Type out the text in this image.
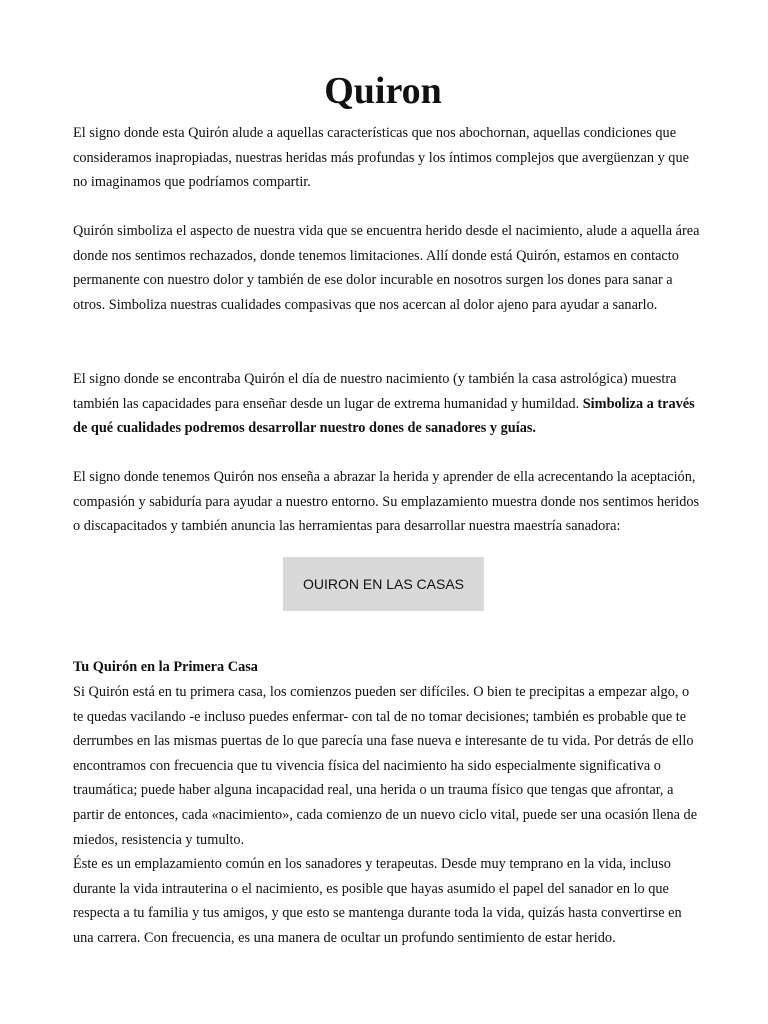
Quiron

El signo donde esta Quirón alude a aquellas características que nos abochornan, aquellas condiciones que consideramos inapropiadas, nuestras heridas más profundas y los íntimos complejos que avergüenzan y que no imaginamos que podríamos compartir.

Quirón simboliza el aspecto de nuestra vida que se encuentra herido desde el nacimiento, alude a aquella área donde nos sentimos rechazados, donde tenemos limitaciones. Allí donde está Quirón, estamos en contacto permanente con nuestro dolor y también de ese dolor incurable en nosotros surgen los dones para sanar a otros. Simboliza nuestras cualidades compasivas que nos acercan al dolor ajeno para ayudar a sanarlo.

El signo donde se encontraba Quirón el día de nuestro nacimiento (y también la casa astrológica) muestra también las capacidades para enseñar desde un lugar de extrema humanidad y humildad. Simboliza a través de qué cualidades podremos desarrollar nuestro dones de sanadores y guías.

El signo donde tenemos Quirón nos enseña a abrazar la herida y aprender de ella acrecentando la aceptación, compasión y sabiduría para ayudar a nuestro entorno. Su emplazamiento muestra donde nos sentimos heridos o discapacitados y también anuncia las herramientas para desarrollar nuestra maestría sanadora:

Tu Quirón en la Primera Casa

Si Quirón está en tu primera casa, los comienzos pueden ser difíciles. O bien te precipitas a empezar algo, o te quedas vacilando -e incluso puedes enfermar- con tal de no tomar decisiones; también es probable que te derrumbes en las mismas puertas de lo que parecía una fase nueva e interesante de tu vida. Por detrás de ello encontramos con frecuencia que tu vivencia física del nacimiento ha sido especialmente significativa o traumática; puede haber alguna incapacidad real, una herida o un trauma físico que tengas que afrontar, a partir de entonces, cada «nacimiento», cada comienzo de un nuevo ciclo vital, puede ser una ocasión llena de miedos, resistencia y tumulto.

Éste es un emplazamiento común en los sanadores y terapeutas. Desde muy temprano en la vida, incluso durante la vida intrauterina o el nacimiento, es posible que hayas asumido el papel del sanador en lo que respecta a tu familia y tus amigos, y que esto se mantenga durante toda la vida, quizás hasta convertirse en una carrera. Con frecuencia, es una manera de ocultar un profundo sentimiento de estar herido.

OUIRON EN LAS CASAS
